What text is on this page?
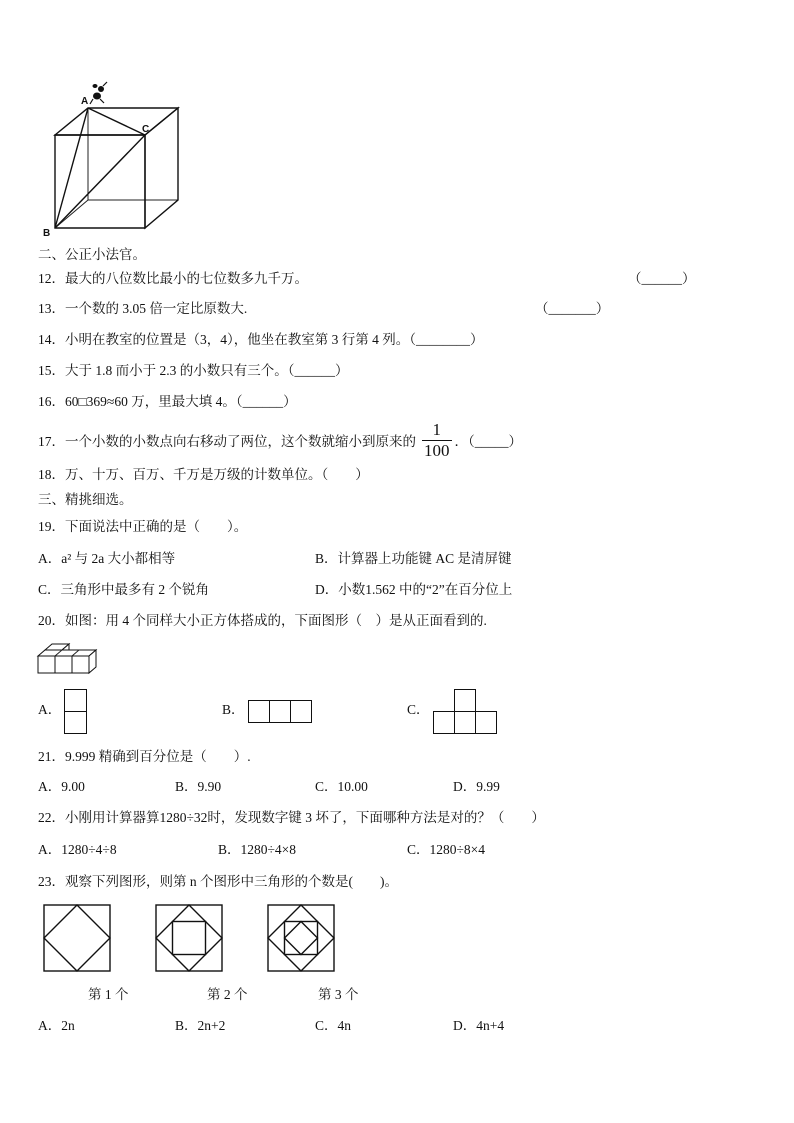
A
B
C
二、公正小法官。
12．最大的八位数比最小的七位数多九千万。	（______）
13．一个数的 3.05 倍一定比原数大.	（_______）
14．小明在教室的位置是（3，4），他坐在教室第 3 行第 4 列。（________）
15．大于 1.8 而小于 2.3 的小数只有三个。（______）
16．60□369≈60 万，里最大填 4。（______）
17．一个小数的小数点向右移动了两位，这个数就缩小到原来的 $\frac{1}{100}$ ．（_____）
18．万、十万、百万、千万是万级的计数单位。（　　）
三、精挑细选。
19．下面说法中正确的是（　　）。
A．a² 与 2a 大小都相等	B．计算器上功能键 AC 是清屏键
C．三角形中最多有 2 个锐角	D．小数1.562 中的“2”在百分位上
20．如图：用 4 个同样大小正方体搭成的，下面图形（　）是从正面看到的.
A．	B．	C．
21．9.999 精确到百分位是（　　）.
A．9.00	B．9.90	C．10.00	D．9.99
22．小刚用计算器算1280÷32时，发现数字键 3 坏了，下面哪种方法是对的？（　　）
A．1280÷4÷8	B．1280÷4×8	C．1280÷8×4
23．观察下列图形，则第 n 个图形中三角形的个数是(　　)。
第 1 个	第 2 个	第 3 个
A．2n	B．2n+2	C．4n	D．4n+4
